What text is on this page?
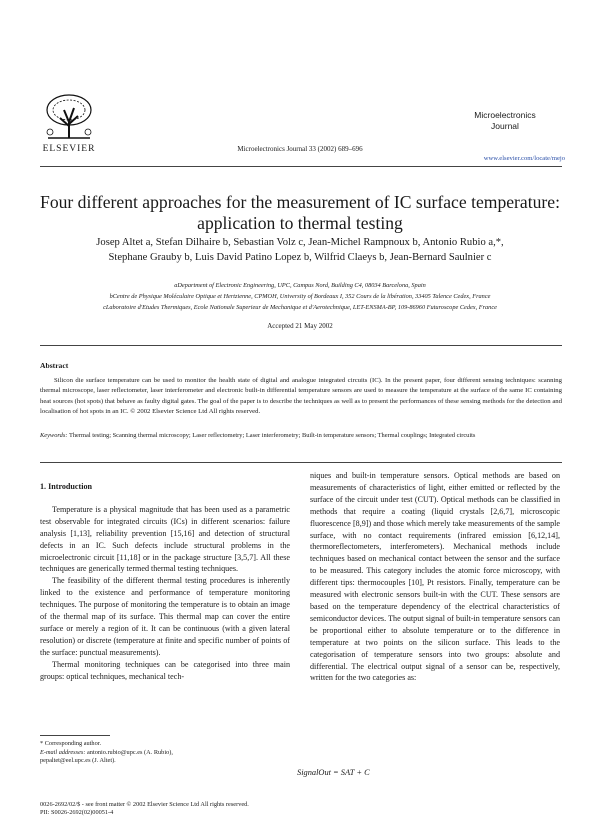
ELSEVIER	Microelectronics Journal 33 (2002) 689–696
Microelectronics
Journal
www.elsevier.com/locate/mejo
Four different approaches for the measurement of IC surface temperature: application to thermal testing
Josep Altet a, Stefan Dilhaire b, Sebastian Volz c, Jean-Michel Rampnoux b, Antonio Rubio a,*,
Stephane Grauby b, Luis David Patino Lopez b, Wilfrid Claeys b, Jean-Bernard Saulnier c
aDepartment of Electronic Engineering, UPC, Campus Nord, Building C4, 08034 Barcelona, Spain
bCentre de Physique Moléculaire Optique et Hertzienne, CPMOH, University of Bordeaux I, 352 Cours de la libération, 33405 Talence Cedex, France
cLaboratoire d'Etudes Thermiques, Ecole Nationale Superieur de Mechanique et d'Aerotechnique, LET-ENSMA-BP, 109-86960 Futuroscope Cedex, France
Accepted 21 May 2002
Abstract
Silicon die surface temperature can be used to monitor the health state of digital and analogue integrated circuits (IC). In the present paper, four different sensing techniques: scanning thermal microscope, laser reflectometer, laser interferometer and electronic built-in differential temperature sensors are used to measure the temperature at the surface of the same IC containing heat sources (hot spots) that behave as faulty digital gates. The goal of the paper is to describe the techniques as well as to present the performances of these sensing methods for the detection and localisation of hot spots in an IC. © 2002 Elsevier Science Ltd All rights reserved.
Keywords: Thermal testing; Scanning thermal microscopy; Laser reflectometry; Laser interferometry; Built-in temperature sensors; Thermal couplings; Integrated circuits
1. Introduction

Temperature is a physical magnitude that has been used as a parametric test observable for integrated circuits (ICs) in different scenarios: failure analysis [1,13], reliability prevention [15,16] and detection of structural defects in an IC. Such defects include structural problems in the microelectronic circuit [11,18] or in the package structure [3,5,7]. All these techniques are generically termed thermal testing techniques.

The feasibility of the different thermal testing procedures is inherently linked to the existence and performance of temperature monitoring techniques. The purpose of monitoring the temperature is to obtain an image of the thermal map of its surface. This thermal map can cover the entire surface or merely a region of it. It can be continuous (with a given lateral resolution) or discrete (temperature at finite and specific number of points of the surface: punctual measurements).

Thermal monitoring techniques can be categorised into three main groups: optical techniques, mechanical tech-

niques and built-in temperature sensors. Optical methods are based on measurements of characteristics of light, either emitted or reflected by the surface of the circuit under test (CUT). Optical methods can be classified in methods that require a coating (liquid crystals [2,6,7], microscopic fluorescence [8,9]) and those which merely take measurements of the sample surface, with no contact requirements (infrared emission [6,12,14], thermoreflectometers, interferometers). Mechanical methods include techniques based on mechanical contact between the sensor and the surface to be measured. This category includes the atomic force microscopy, with different tips: thermocouples [10], Pt resistors. Finally, temperature can be measured with electronic sensors built-in with the CUT. These sensors are based on the temperature dependency of the electrical characteristics of semiconductor devices. The output signal of built-in temperature sensors can be proportional either to absolute temperature or to the difference in temperature at two points on the silicon surface. This leads to the categorisation of temperature sensors into two groups: absolute and differential. The electrical output signal of a sensor can be, respectively, written for the two categories as:

SignalOut = SAT + C
* Corresponding author.
E-mail addresses: antonio.rubio@upc.es (A. Rubio),
pepaltet@eel.upc.es (J. Altet).
0026-2692/02/$ - see front matter © 2002 Elsevier Science Ltd All rights reserved.
PII: S0026-2692(02)00051-4
